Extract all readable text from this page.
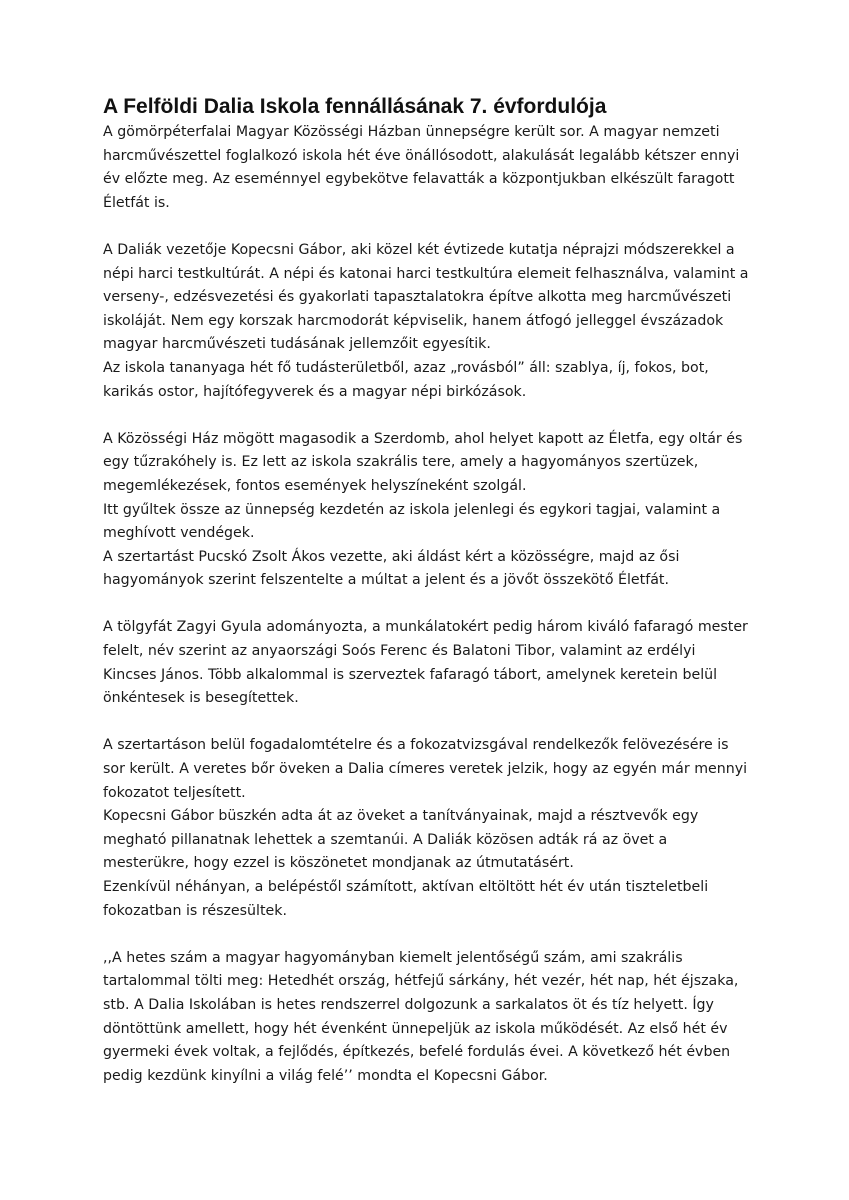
A Felföldi Dalia Iskola fennállásának 7. évfordulója

A gömörpéterfalai Magyar Közösségi Házban ünnepségre került sor. A magyar nemzeti harcművészettel foglalkozó iskola hét éve önállósodott, alakulását legalább kétszer ennyi év előzte meg. Az eseménnyel egybekötve felavatták a központjukban elkészült faragott Életfát is.

A Daliák vezetője Kopecsni Gábor, aki közel két évtizede kutatja néprajzi módszerekkel a népi harci testkultúrát. A népi és katonai harci testkultúra elemeit felhasználva, valamint a verseny-, edzésvezetési és gyakorlati tapasztalatokra építve alkotta meg harcművészeti iskoláját. Nem egy korszak harcmodorát képviselik, hanem átfogó jelleggel évszázadok magyar harcművészeti tudásának jellemzőit egyesítik.

Az iskola tananyaga hét fő tudásterületből, azaz „rovásból” áll: szablya, íj, fokos, bot, karikás ostor, hajítófegyverek és a magyar népi birkózások.

A Közösségi Ház mögött magasodik a Szerdomb, ahol helyet kapott az Életfa, egy oltár és egy tűzrakóhely is. Ez lett az iskola szakrális tere, amely a hagyományos szertüzek, megemlékezések, fontos események helyszíneként szolgál.

Itt gyűltek össze az ünnepség kezdetén az iskola jelenlegi és egykori tagjai, valamint a meghívott vendégek.

A szertartást Pucskó Zsolt Ákos vezette, aki áldást kért a közösségre, majd az ősi hagyományok szerint felszentelte a múltat a jelent és a jövőt összekötő Életfát.

A tölgyfát Zagyi Gyula adományozta, a munkálatokért pedig három kiváló fafaragó mester felelt, név szerint az anyaországi Soós Ferenc és Balatoni Tibor, valamint az erdélyi Kincses János. Több alkalommal is szerveztek fafaragó tábort, amelynek keretein belül önkéntesek is besegítettek.

A szertartáson belül fogadalomtételre és a fokozatvizsgával rendelkezők felövezésére is sor került. A veretes bőr öveken a Dalia címeres veretek jelzik, hogy az egyén már mennyi fokozatot teljesített.

Kopecsni Gábor büszkén adta át az öveket a tanítványainak, majd a résztvevők egy megható pillanatnak lehettek a szemtanúi. A Daliák közösen adták rá az övet a mesterükre, hogy ezzel is köszönetet mondjanak az útmutatásért.

Ezenkívül néhányan, a belépéstől számított, aktívan eltöltött hét év után tiszteletbeli fokozatban is részesültek.

,,A hetes szám a magyar hagyományban kiemelt jelentőségű szám, ami szakrális tartalommal tölti meg: Hetedhét ország, hétfejű sárkány, hét vezér, hét nap, hét éjszaka, stb. A Dalia Iskolában is hetes rendszerrel dolgozunk a sarkalatos öt és tíz helyett. Így döntöttünk amellett, hogy hét évenként ünnepeljük az iskola működését. Az első hét év gyermeki évek voltak, a fejlődés, építkezés, befelé fordulás évei. A következő hét évben pedig kezdünk kinyílni a világ felé’’ mondta el Kopecsni Gábor.
